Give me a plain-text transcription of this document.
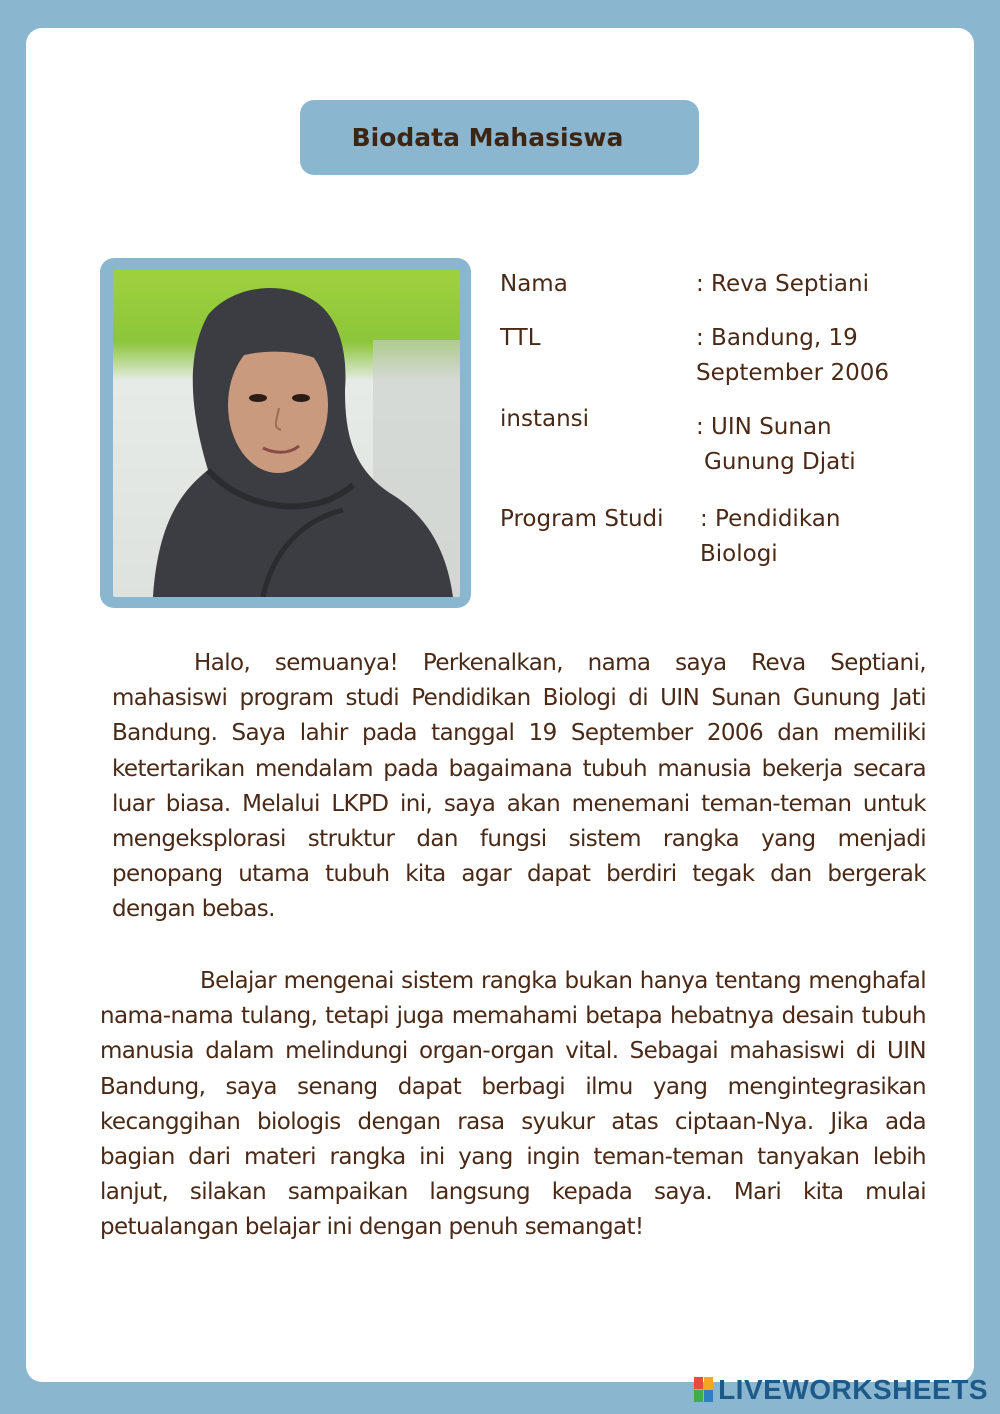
Biodata Mahasiswa

Nama	: Reva Septiani

TTL	: Bandung, 19

September 2006

instansi	: UIN Sunan

Gunung Djati

Program Studi : Pendidikan

Biologi

Halo, semuanya! Perkenalkan, nama saya Reva Septiani, mahasiswi program studi Pendidikan Biologi di UIN Sunan Gunung Jati Bandung. Saya lahir pada tanggal 19 September 2006 dan memiliki ketertarikan mendalam pada bagaimana tubuh manusia bekerja secara luar biasa. Melalui LKPD ini, saya akan menemani teman-teman untuk mengeksplorasi struktur dan fungsi sistem rangka yang menjadi penopang utama tubuh kita agar dapat berdiri tegak dan bergerak dengan bebas.

Belajar mengenai sistem rangka bukan hanya tentang menghafal nama-nama tulang, tetapi juga memahami betapa hebatnya desain tubuh manusia dalam melindungi organ-organ vital. Sebagai mahasiswi di UIN Bandung, saya senang dapat berbagi ilmu yang mengintegrasikan kecanggihan biologis dengan rasa syukur atas ciptaan-Nya. Jika ada bagian dari materi rangka ini yang ingin teman-teman tanyakan lebih lanjut, silakan sampaikan langsung kepada saya. Mari kita mulai petualangan belajar ini dengan penuh semangat!

LIVEWORKSHEETS
